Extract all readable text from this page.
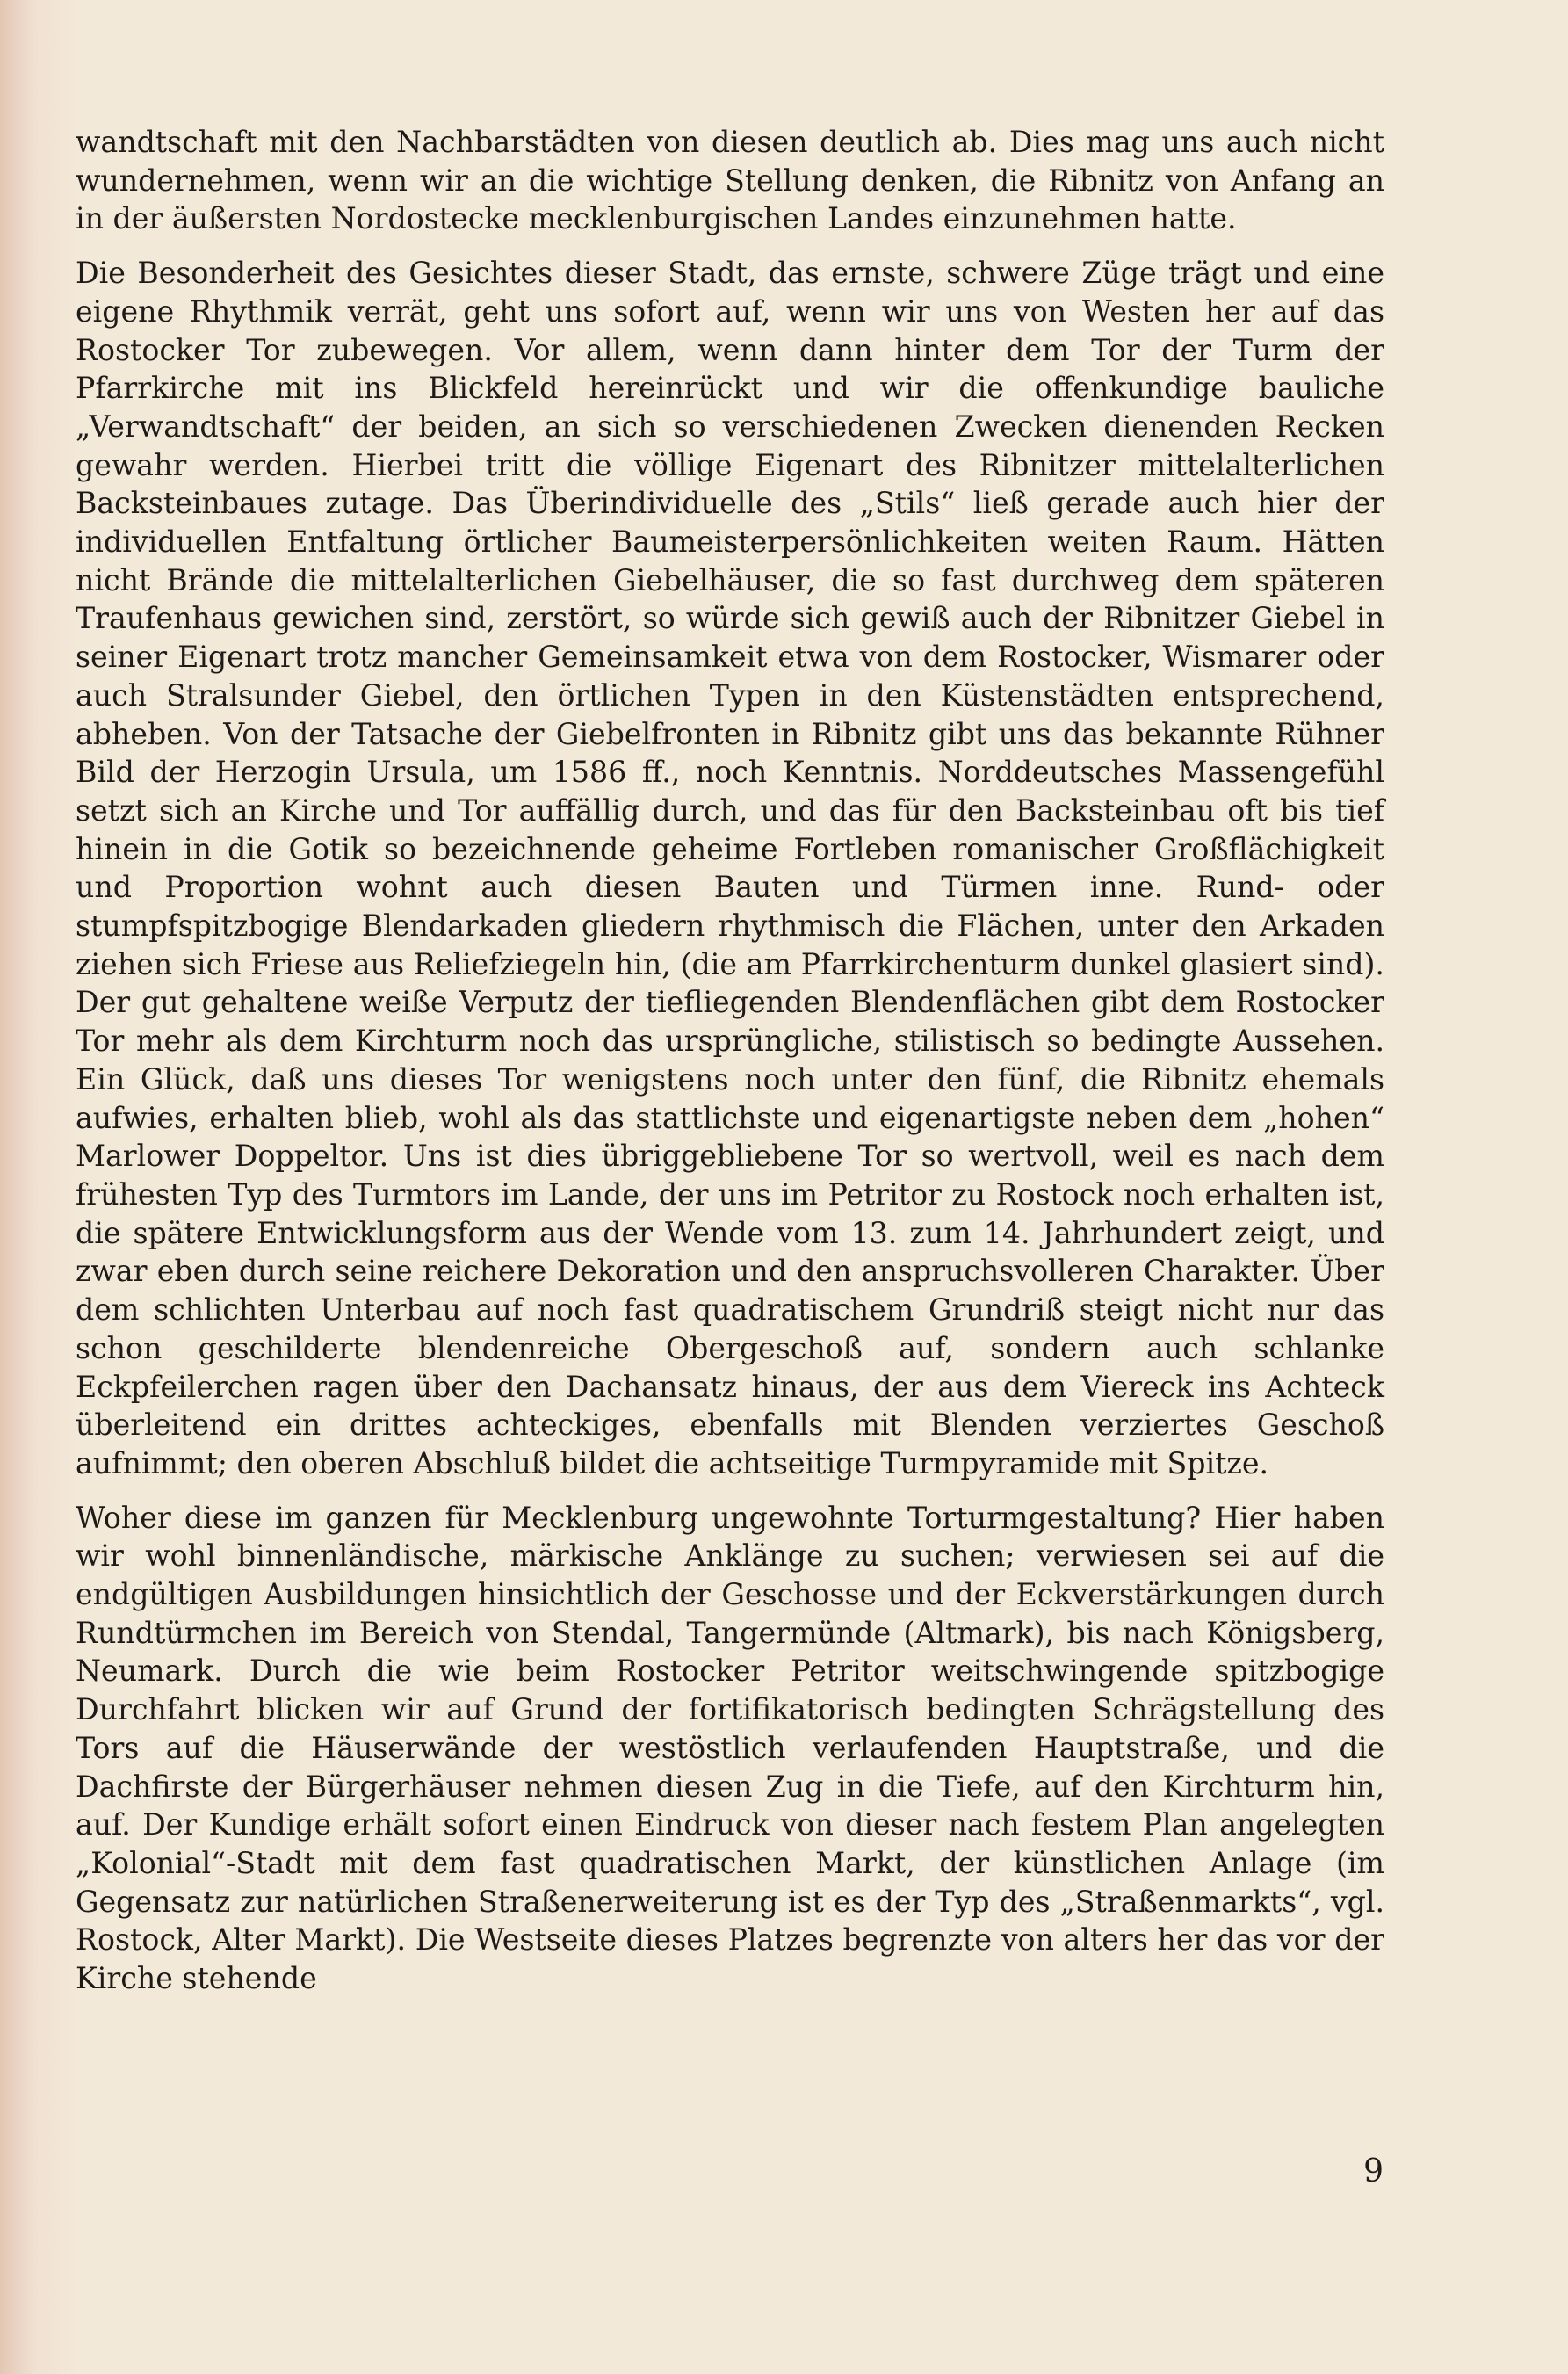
wandtschaft mit den Nachbarstädten von diesen deutlich ab. Dies mag uns auch nicht wundernehmen, wenn wir an die wichtige Stellung denken, die Ribnitz von Anfang an in der äußersten Nordostecke mecklenburgischen Landes einzunehmen hatte.

Die Besonderheit des Gesichtes dieser Stadt, das ernste, schwere Züge trägt und eine eigene Rhythmik verrät, geht uns sofort auf, wenn wir uns von Westen her auf das Rostocker Tor zubewegen. Vor allem, wenn dann hinter dem Tor der Turm der Pfarrkirche mit ins Blickfeld hereinrückt und wir die offenkundige bauliche „Verwandtschaft“ der beiden, an sich so verschiedenen Zwecken dienenden Recken gewahr werden. Hierbei tritt die völlige Eigenart des Ribnitzer mittelalterlichen Backsteinbaues zutage. Das Überindividuelle des „Stils“ ließ gerade auch hier der individuellen Entfaltung örtlicher Baumeisterpersönlichkeiten weiten Raum. Hätten nicht Brände die mittelalterlichen Giebelhäuser, die so fast durchweg dem späteren Traufenhaus gewichen sind, zerstört, so würde sich gewiß auch der Ribnitzer Giebel in seiner Eigenart trotz mancher Gemeinsamkeit etwa von dem Rostocker, Wismarer oder auch Stralsunder Giebel, den örtlichen Typen in den Küstenstädten entsprechend, abheben. Von der Tatsache der Giebelfronten in Ribnitz gibt uns das bekannte Rühner Bild der Herzogin Ursula, um 1586 ff., noch Kenntnis. Norddeutsches Massengefühl setzt sich an Kirche und Tor auffällig durch, und das für den Backsteinbau oft bis tief hinein in die Gotik so bezeichnende geheime Fortleben romanischer Großflächigkeit und Proportion wohnt auch diesen Bauten und Türmen inne. Rund- oder stumpfspitzbogige Blendarkaden gliedern rhythmisch die Flächen, unter den Arkaden ziehen sich Friese aus Reliefziegeln hin, (die am Pfarrkirchenturm dunkel glasiert sind). Der gut gehaltene weiße Verputz der tiefliegenden Blendenflächen gibt dem Rostocker Tor mehr als dem Kirchturm noch das ursprüngliche, stilistisch so bedingte Aussehen. Ein Glück, daß uns dieses Tor wenigstens noch unter den fünf, die Ribnitz ehemals aufwies, erhalten blieb, wohl als das stattlichste und eigenartigste neben dem „hohen“ Marlower Doppeltor. Uns ist dies übriggebliebene Tor so wertvoll, weil es nach dem frühesten Typ des Turmtors im Lande, der uns im Petritor zu Rostock noch erhalten ist, die spätere Entwicklungsform aus der Wende vom 13. zum 14. Jahrhundert zeigt, und zwar eben durch seine reichere Dekoration und den anspruchsvolleren Charakter. Über dem schlichten Unterbau auf noch fast quadratischem Grundriß steigt nicht nur das schon geschilderte blendenreiche Obergeschoß auf, sondern auch schlanke Eckpfeilerchen ragen über den Dachansatz hinaus, der aus dem Viereck ins Achteck überleitend ein drittes achteckiges, ebenfalls mit Blenden verziertes Geschoß aufnimmt; den oberen Abschluß bildet die achtseitige Turmpyramide mit Spitze.

Woher diese im ganzen für Mecklenburg ungewohnte Torturmgestaltung? Hier haben wir wohl binnenländische, märkische Anklänge zu suchen; verwiesen sei auf die endgültigen Ausbildungen hinsichtlich der Geschosse und der Eckverstärkungen durch Rundtürmchen im Bereich von Stendal, Tangermünde (Altmark), bis nach Königsberg, Neumark. Durch die wie beim Rostocker Petritor weitschwingende spitzbogige Durchfahrt blicken wir auf Grund der fortifikatorisch bedingten Schrägstellung des Tors auf die Häuserwände der westöstlich verlaufenden Hauptstraße, und die Dachfirste der Bürgerhäuser nehmen diesen Zug in die Tiefe, auf den Kirchturm hin, auf. Der Kundige erhält sofort einen Eindruck von dieser nach festem Plan angelegten „Kolonial“-Stadt mit dem fast quadratischen Markt, der künstlichen Anlage (im Gegensatz zur natürlichen Straßenerweiterung ist es der Typ des „Straßenmarkts“, vgl. Rostock, Alter Markt). Die Westseite dieses Platzes begrenzte von alters her das vor der Kirche stehende

9
